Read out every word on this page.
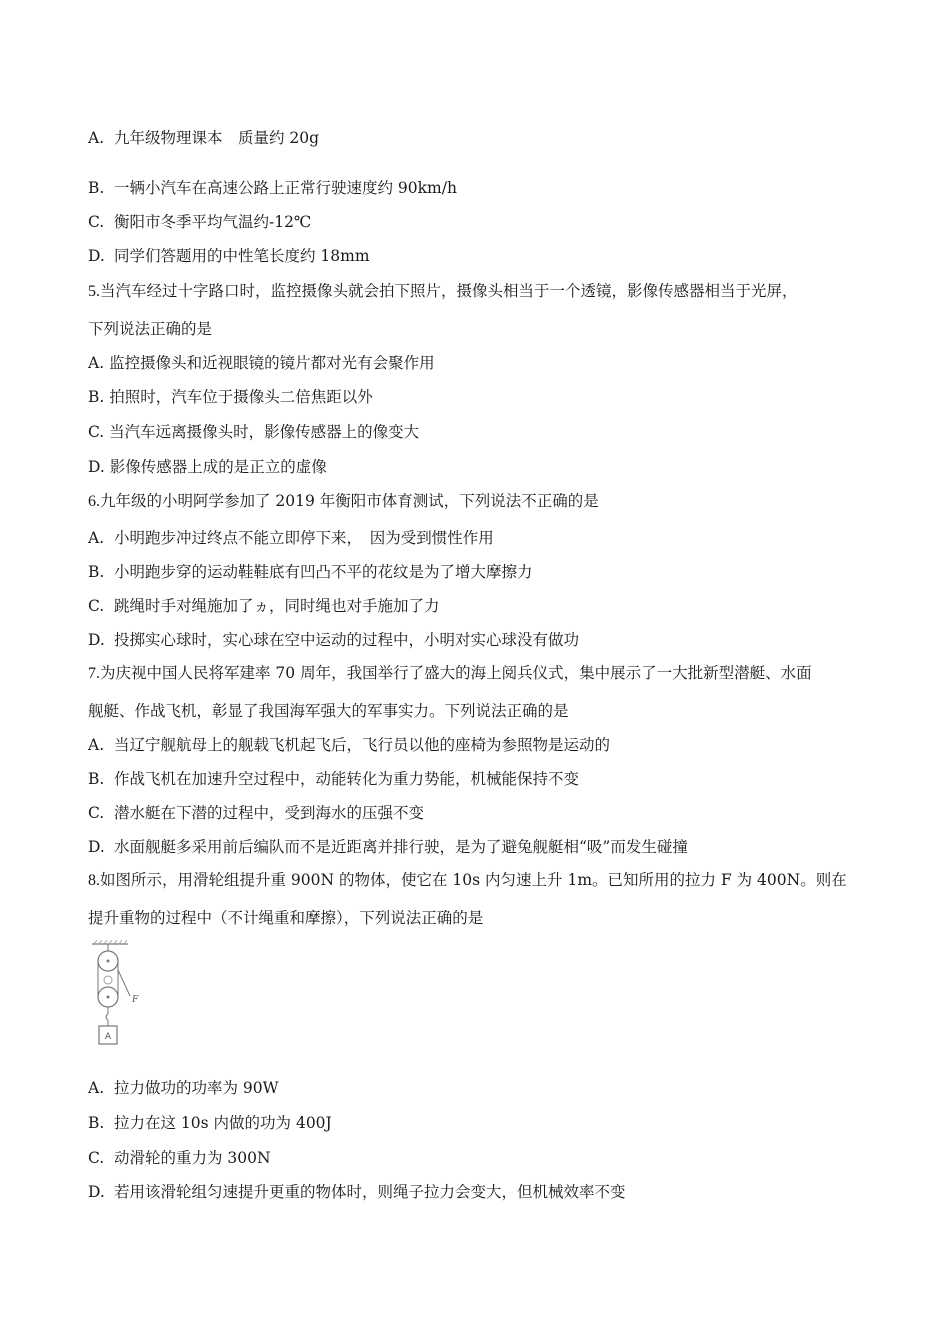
A. 九年级物理课本　质量约 20g
B. 一辆小汽车在高速公路上正常行驶速度约 90km/h
C. 衡阳市冬季平均气温约-12℃
D. 同学们答题用的中性笔长度约 18mm
5.当汽车经过十字路口时，监控摄像头就会拍下照片，摄像头相当于一个透镜，影像传感器相当于光屏，
下列说法正确的是
A. 监控摄像头和近视眼镜的镜片都对光有会聚作用
B. 拍照时，汽车位于摄像头二倍焦距以外
C. 当汽车远离摄像头时，影像传感器上的像变大
D. 影像传感器上成的是正立的虚像
6.九年级的小明阿学参加了 2019 年衡阳市体育测试，下列说法不正确的是
A. 小明跑步冲过终点不能立即停下来，　因为受到惯性作用
B. 小明跑步穿的运动鞋鞋底有凹凸不平的花纹是为了增大摩擦力
C. 跳绳时手对绳施加了ヵ，同时绳也对手施加了力
D. 投掷实心球时，实心球在空中运动的过程中，小明对实心球没有做功
7.为庆视中国人民将军建率 70 周年，我国举行了盛大的海上阅兵仪式，集中展示了一大批新型潜艇、水面
舰艇、作战飞机，彰显了我国海军强大的军事实力。下列说法正确的是
A. 当辽宁舰航母上的舰载飞机起飞后，飞行员以他的座椅为参照物是运动的
B. 作战飞机在加速升空过程中，动能转化为重力势能，机械能保持不变
C. 潜水艇在下潜的过程中，受到海水的压强不变
D. 水面舰艇多采用前后编队而不是近距离并排行驶，是为了避兔舰艇相“吸”而发生碰撞
8.如图所示，用滑轮组提升重 900N 的物体，使它在 10s 内匀速上升 1m。已知所用的拉力 F 为 400N。则在
提升重物的过程中（不计绳重和摩擦），下列说法正确的是
A
F
A. 拉力做功的功率为 90W
B. 拉力在这 10s 内做的功为 400J
C. 动滑轮的重力为 300N
D. 若用该滑轮组匀速提升更重的物体时，则绳子拉力会变大，但机械效率不变
